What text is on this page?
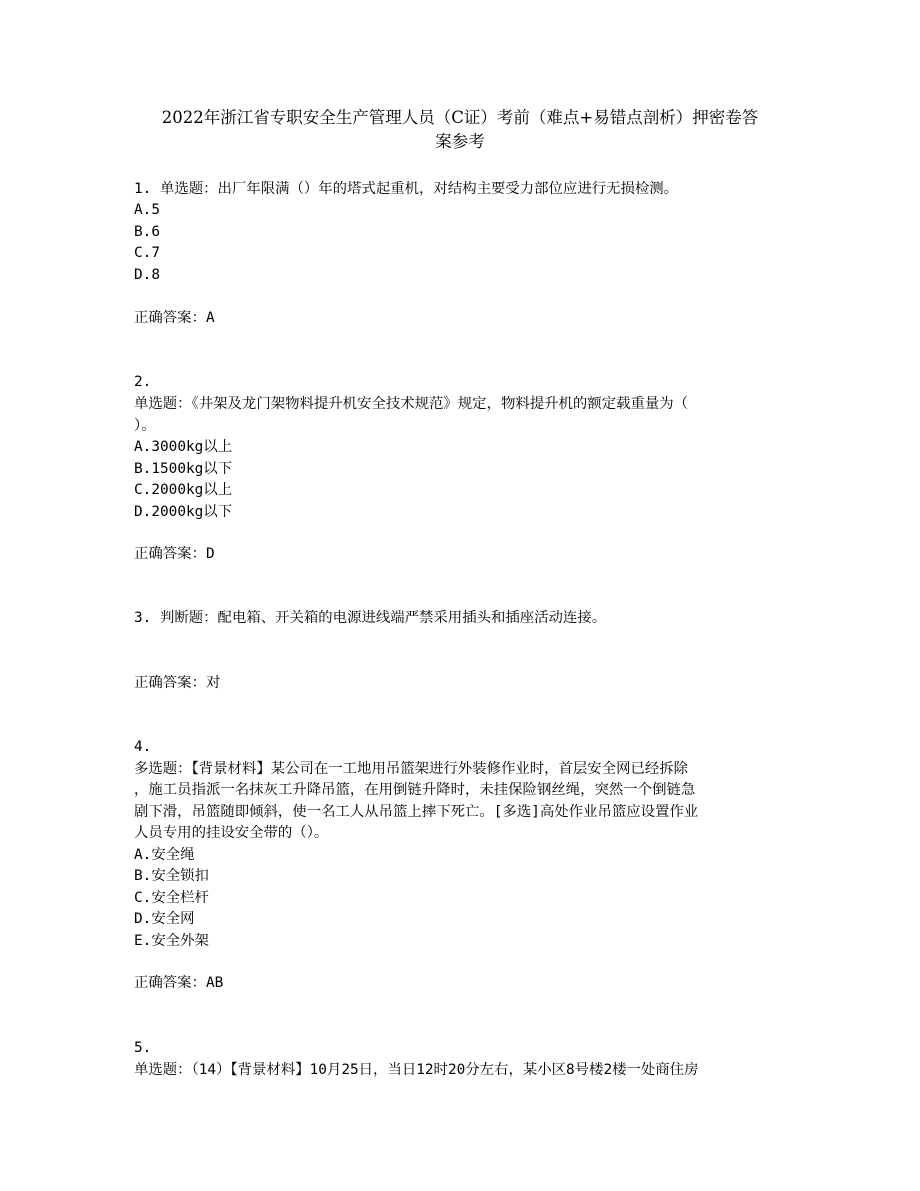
2022年浙江省专职安全生产管理人员（C证）考前（难点+易错点剖析）押密卷答
案参考

1. 单选题：出厂年限满（）年的塔式起重机，对结构主要受力部位应进行无损检测。

A.5

B.6

C.7

D.8

正确答案：A

2.

单选题：《井架及龙门架物料提升机安全技术规范》规定，物料提升机的额定载重量为（

）。

A.3000kg以上

B.1500kg以下

C.2000kg以上

D.2000kg以下

正确答案：D

3. 判断题：配电箱、开关箱的电源进线端严禁采用插头和插座活动连接。

正确答案：对

4.

多选题：【背景材料】某公司在一工地用吊篮架进行外装修作业时，首层安全网已经拆除

，施工员指派一名抹灰工升降吊篮，在用倒链升降时，未挂保险钢丝绳，突然一个倒链急

剧下滑，吊篮随即倾斜，使一名工人从吊篮上摔下死亡。[多选]高处作业吊篮应设置作业

人员专用的挂设安全带的（）。

A.安全绳

B.安全锁扣

C.安全栏杆

D.安全网

E.安全外架

正确答案：AB

5.

单选题：（14）【背景材料】10月25日，当日12时20分左右，某小区8号楼2楼一处商住房
